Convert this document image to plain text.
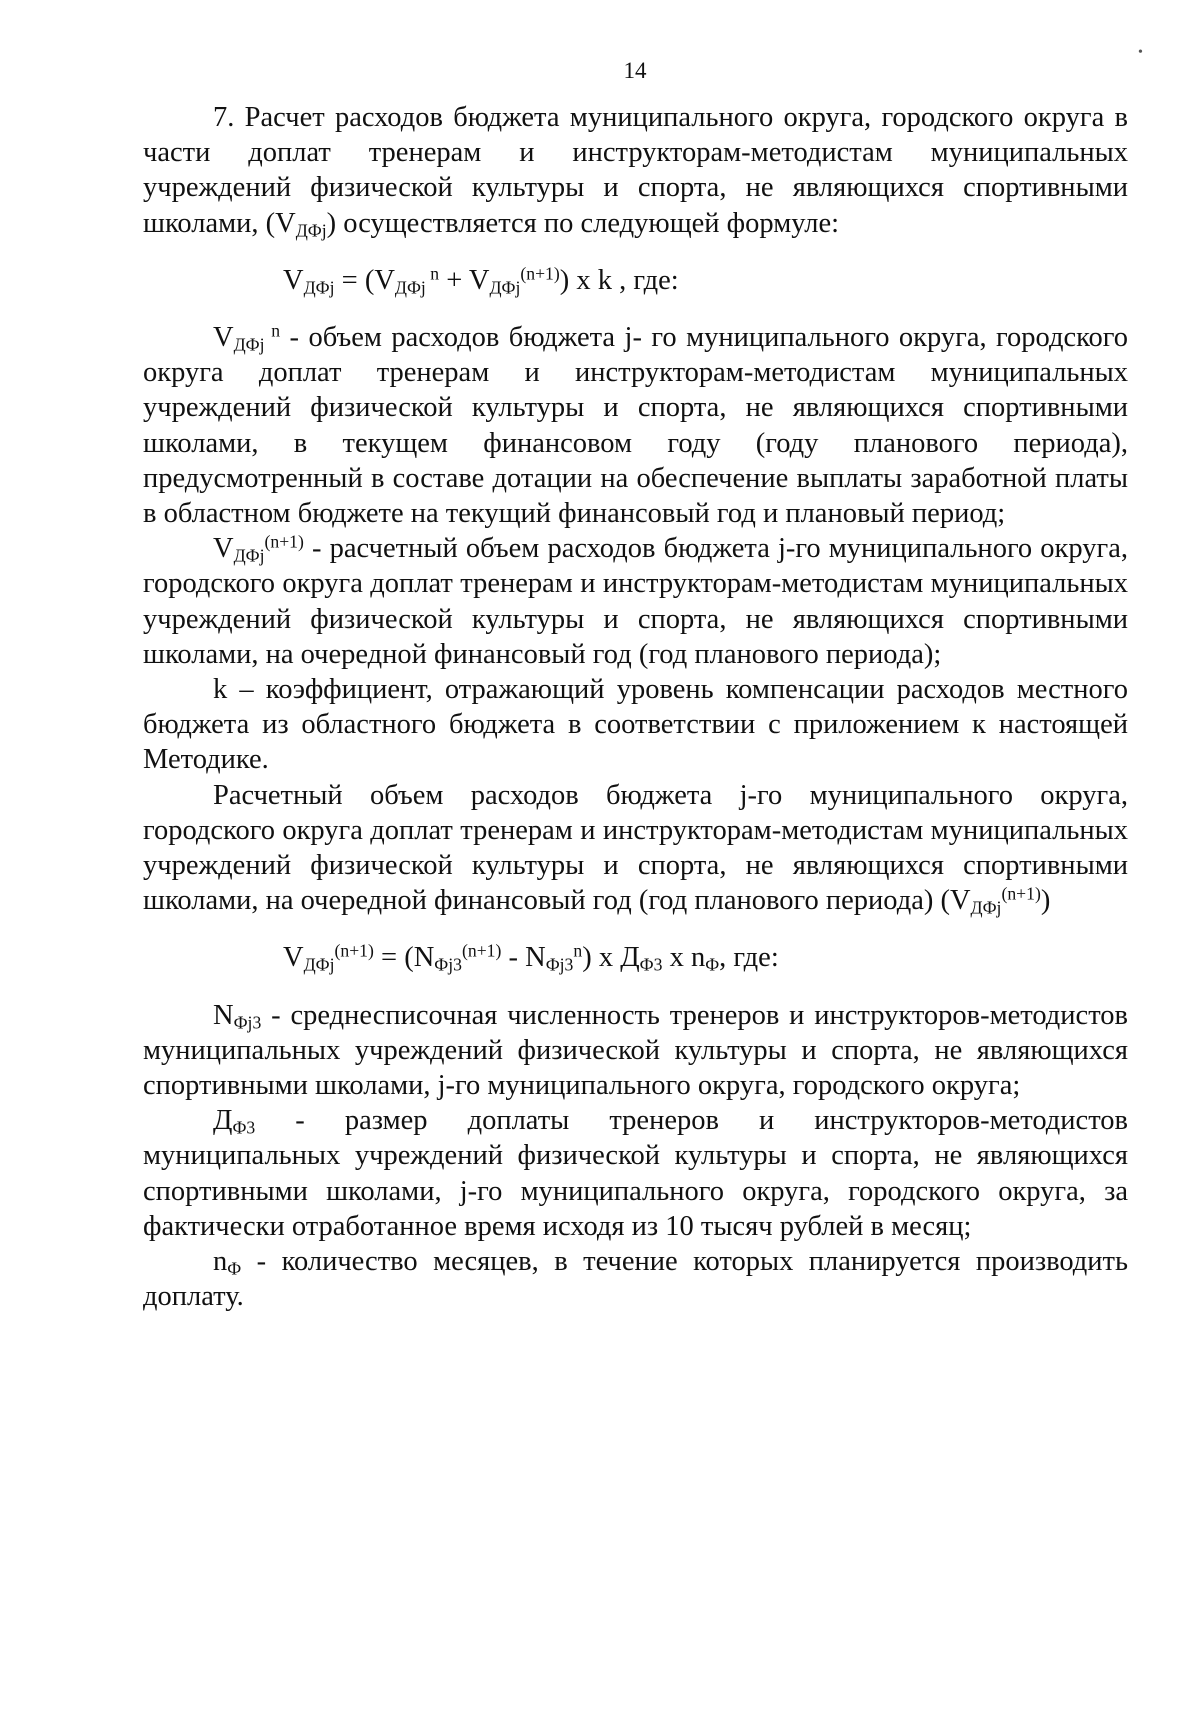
14
•

7. Расчет расходов бюджета муниципального округа, городского округа в части доплат тренерам и инструкторам-методистам муниципальных учреждений физической культуры и спорта, не являющихся спортивными школами, $(V_{ДФj})$ осуществляется по следующей формуле:

$V_{ДФj} = (V_{ДФj}$ $^n + V_{ДФj}^{(n+1)}$) x k , где:

$V_{ДФj}$ $^n$ - объем расходов бюджета j- го муниципального округа, городского округа доплат тренерам и инструкторам-методистам муниципальных учреждений физической культуры и спорта, не являющихся спортивными школами, в текущем финансовом году (году планового периода), предусмотренный в составе дотации на обеспечение выплаты заработной платы в областном бюджете на текущий финансовый год и плановый период;

$V_{ДФj}^{(n+1)}$ - расчетный объем расходов бюджета j-го муниципального округа, городского округа доплат тренерам и инструкторам-методистам муниципальных учреждений физической культуры и спорта, не являющихся спортивными школами, на очередной финансовый год (год планового периода);

k – коэффициент, отражающий уровень компенсации расходов местного бюджета из областного бюджета в соответствии с приложением к настоящей Методике.

Расчетный объем расходов бюджета j-го муниципального округа, городского округа доплат тренерам и инструкторам-методистам муниципальных учреждений физической культуры и спорта, не являющихся спортивными школами, на очередной финансовый год (год планового периода) $(V_{ДФj}^{(n+1)})$

$V_{ДФj}^{(n+1)} = (N_{Фj3}^{(n+1)} - N_{Фj3}^n)$ x $Д_{Ф3}$ x $n_Ф$, где:

$N_{Фj3}$ - среднесписочная численность тренеров и инструкторов-методистов муниципальных учреждений физической культуры и спорта, не являющихся спортивными школами, j-го муниципального округа, городского округа;

$Д_{Ф3}$ - размер доплаты тренеров и инструкторов-методистов муниципальных учреждений физической культуры и спорта, не являющихся спортивными школами, j-го муниципального округа, городского округа, за фактически отработанное время исходя из 10 тысяч рублей в месяц;

$n_Ф$ - количество месяцев, в течение которых планируется производить доплату.
